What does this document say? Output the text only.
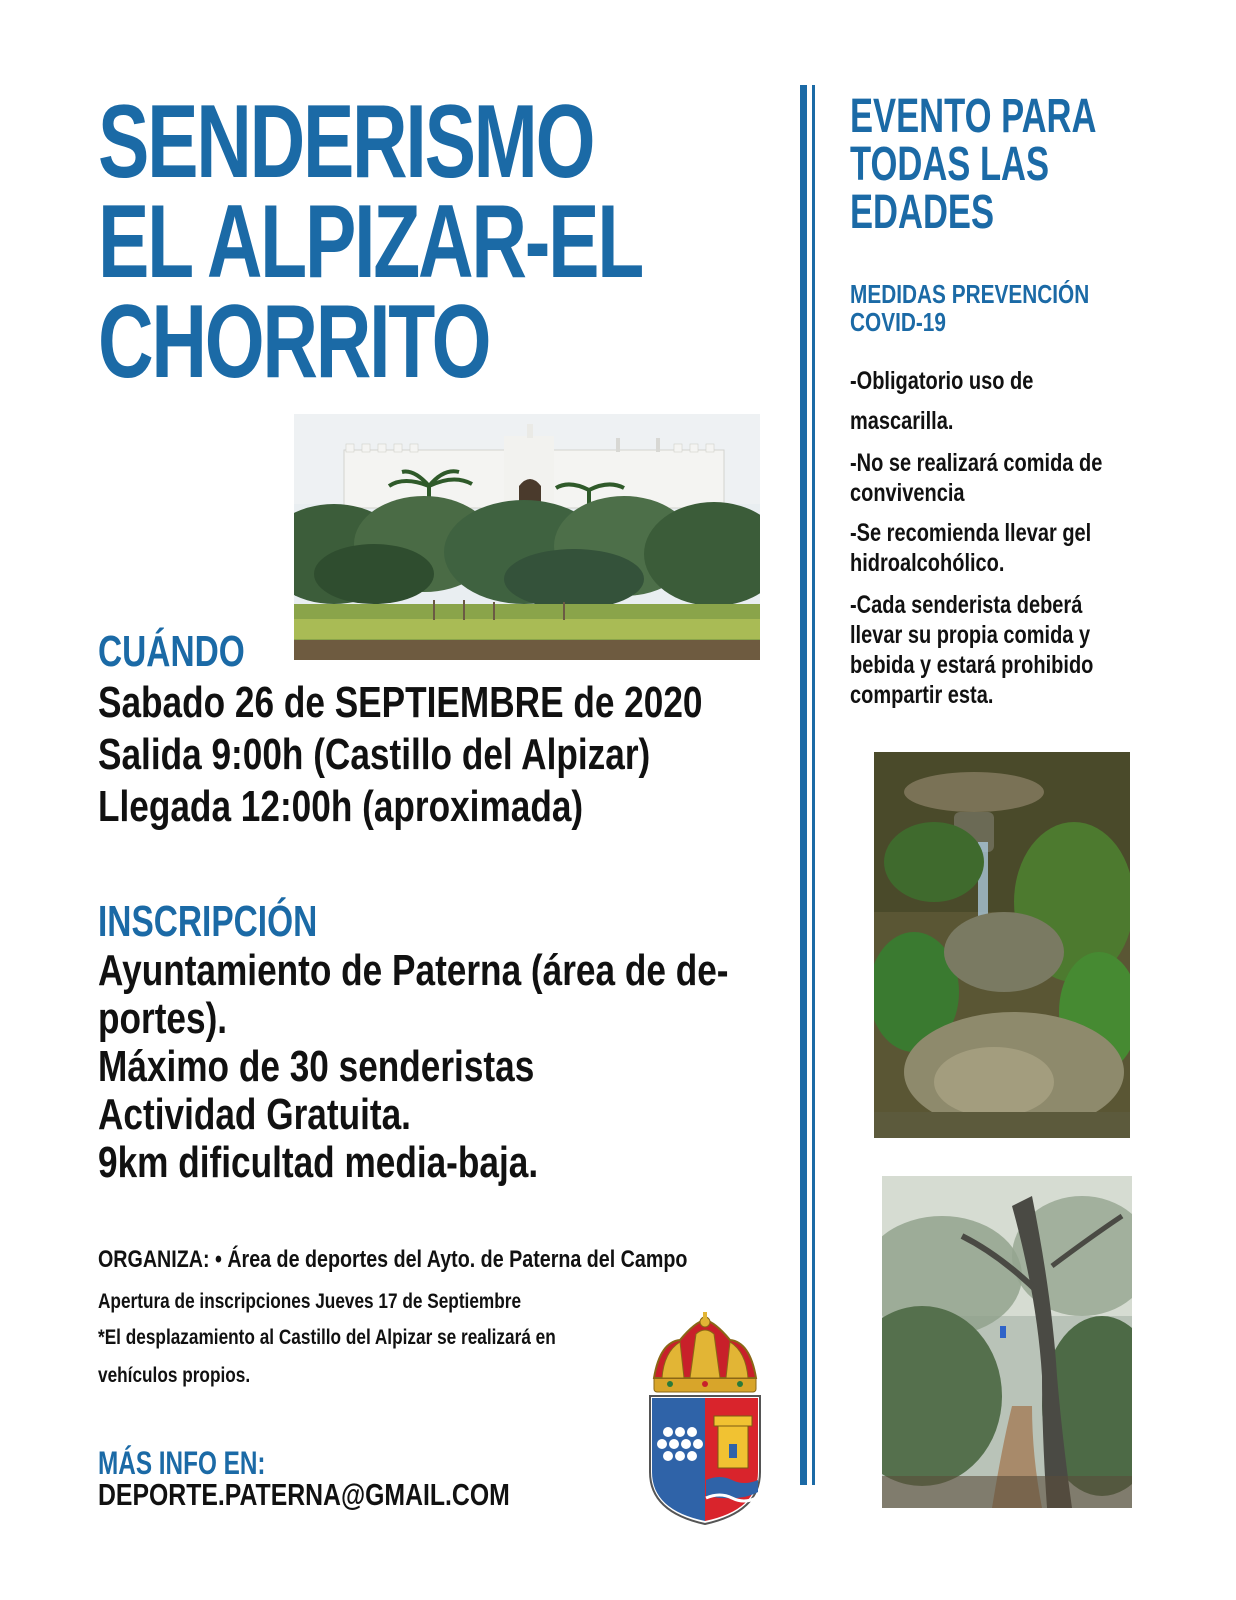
SENDERISMO
EL ALPIZAR-EL
CHORRITO
CUÁNDO
Sabado 26 de SEPTIEMBRE de 2020
Salida 9:00h (Castillo del Alpizar)
Llegada 12:00h (aproximada)
INSCRIPCIÓN
Ayuntamiento de Paterna (área de de-
portes).
Máximo de 30 senderistas
Actividad Gratuita.
9km dificultad media-baja.
ORGANIZA: • Área de deportes del Ayto. de Paterna del Campo
Apertura de inscripciones Jueves 17 de Septiembre
*El desplazamiento al Castillo del Alpizar se realizará en
vehículos propios.
MÁS INFO EN:
DEPORTE.PATERNA@GMAIL.COM
EVENTO PARA
TODAS LAS
EDADES
MEDIDAS PREVENCIÓN
COVID-19
-Obligatorio uso de
mascarilla.
-No se realizará comida de
convivencia
-Se recomienda llevar gel
hidroalcohólico.
-Cada senderista deberá
llevar su propia comida y
bebida y estará prohibido
compartir esta.
